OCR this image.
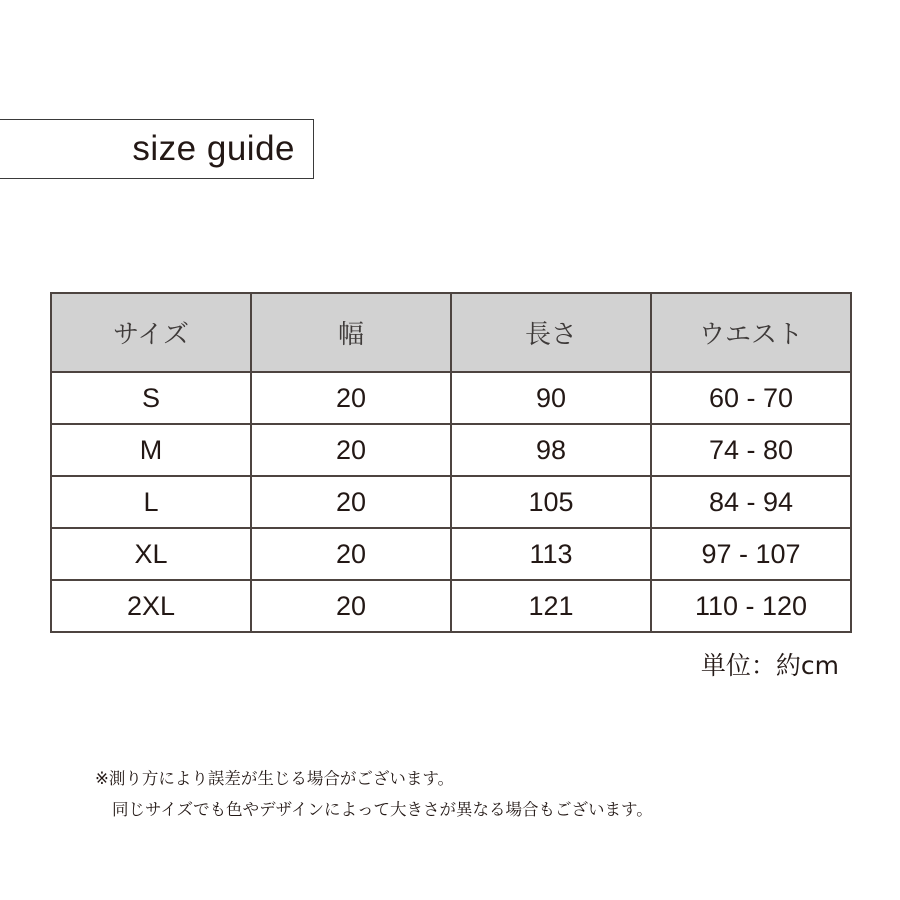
size guide
サイズ	幅	長さ	ウエスト
S	20	90	60 - 70
M	20	98	74 - 80
L	20	105	84 - 94
XL	20	113	97 - 107
2XL	20	121	110 - 120
単位：約cm
※測り方により誤差が生じる場合がございます。
同じサイズでも色やデザインによって大きさが異なる場合もございます。
